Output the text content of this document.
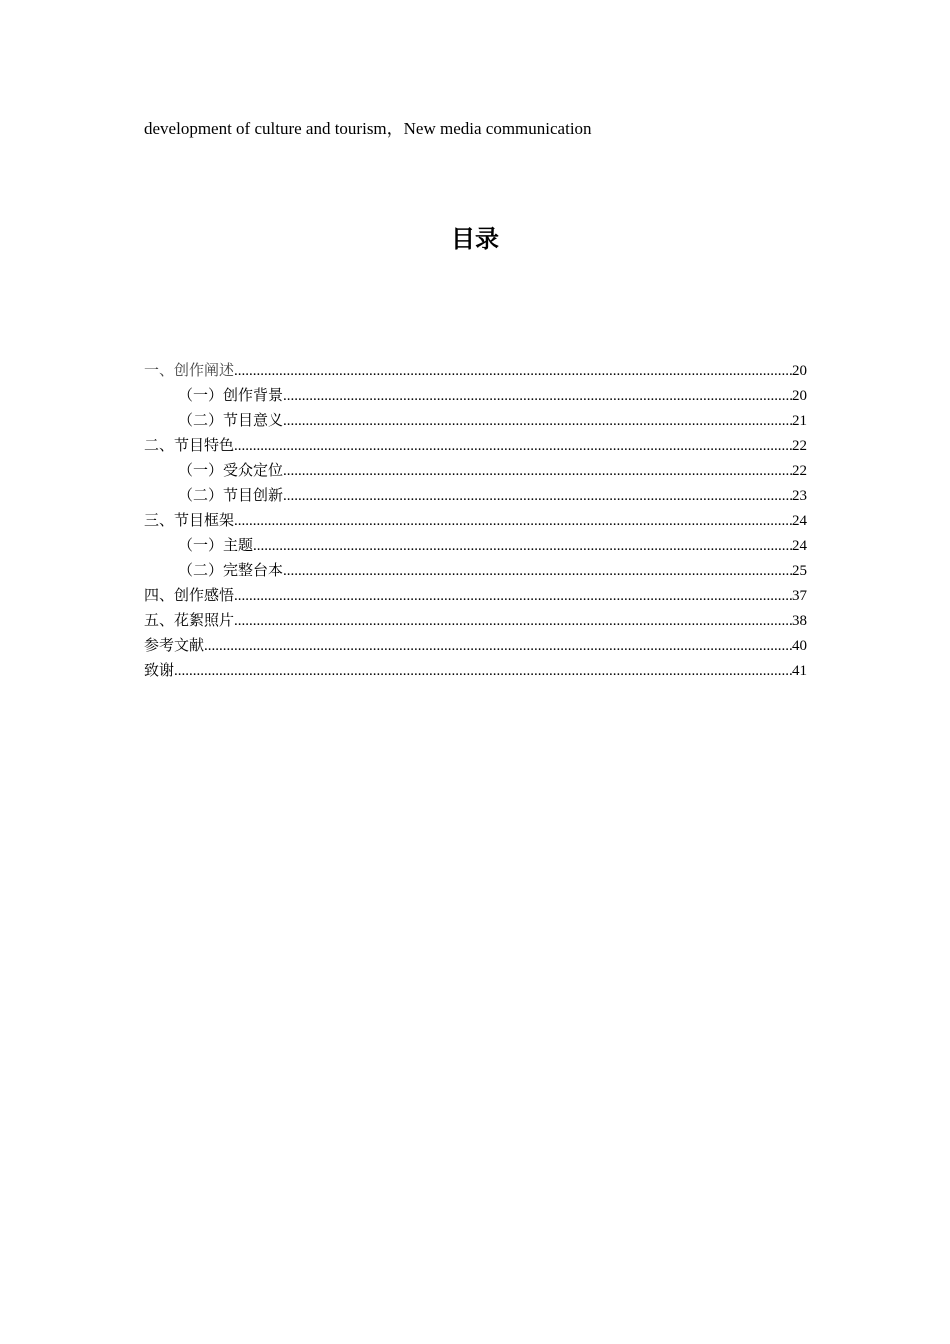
development of culture and tourism，New media communication
目录
一、创作阐述 .....	20
（一）创作背景 .....	20
（二）节目意义 .....	21
二、节目特色 .....	22
（一）受众定位 .....	22
（二）节目创新 .....	23
三、节目框架 .....	24
（一）主题 .....	24
（二）完整台本 .....	25
四、创作感悟 .....	37
五、花絮照片 .....	38
参考文献 .....	40
致谢 .....	41
